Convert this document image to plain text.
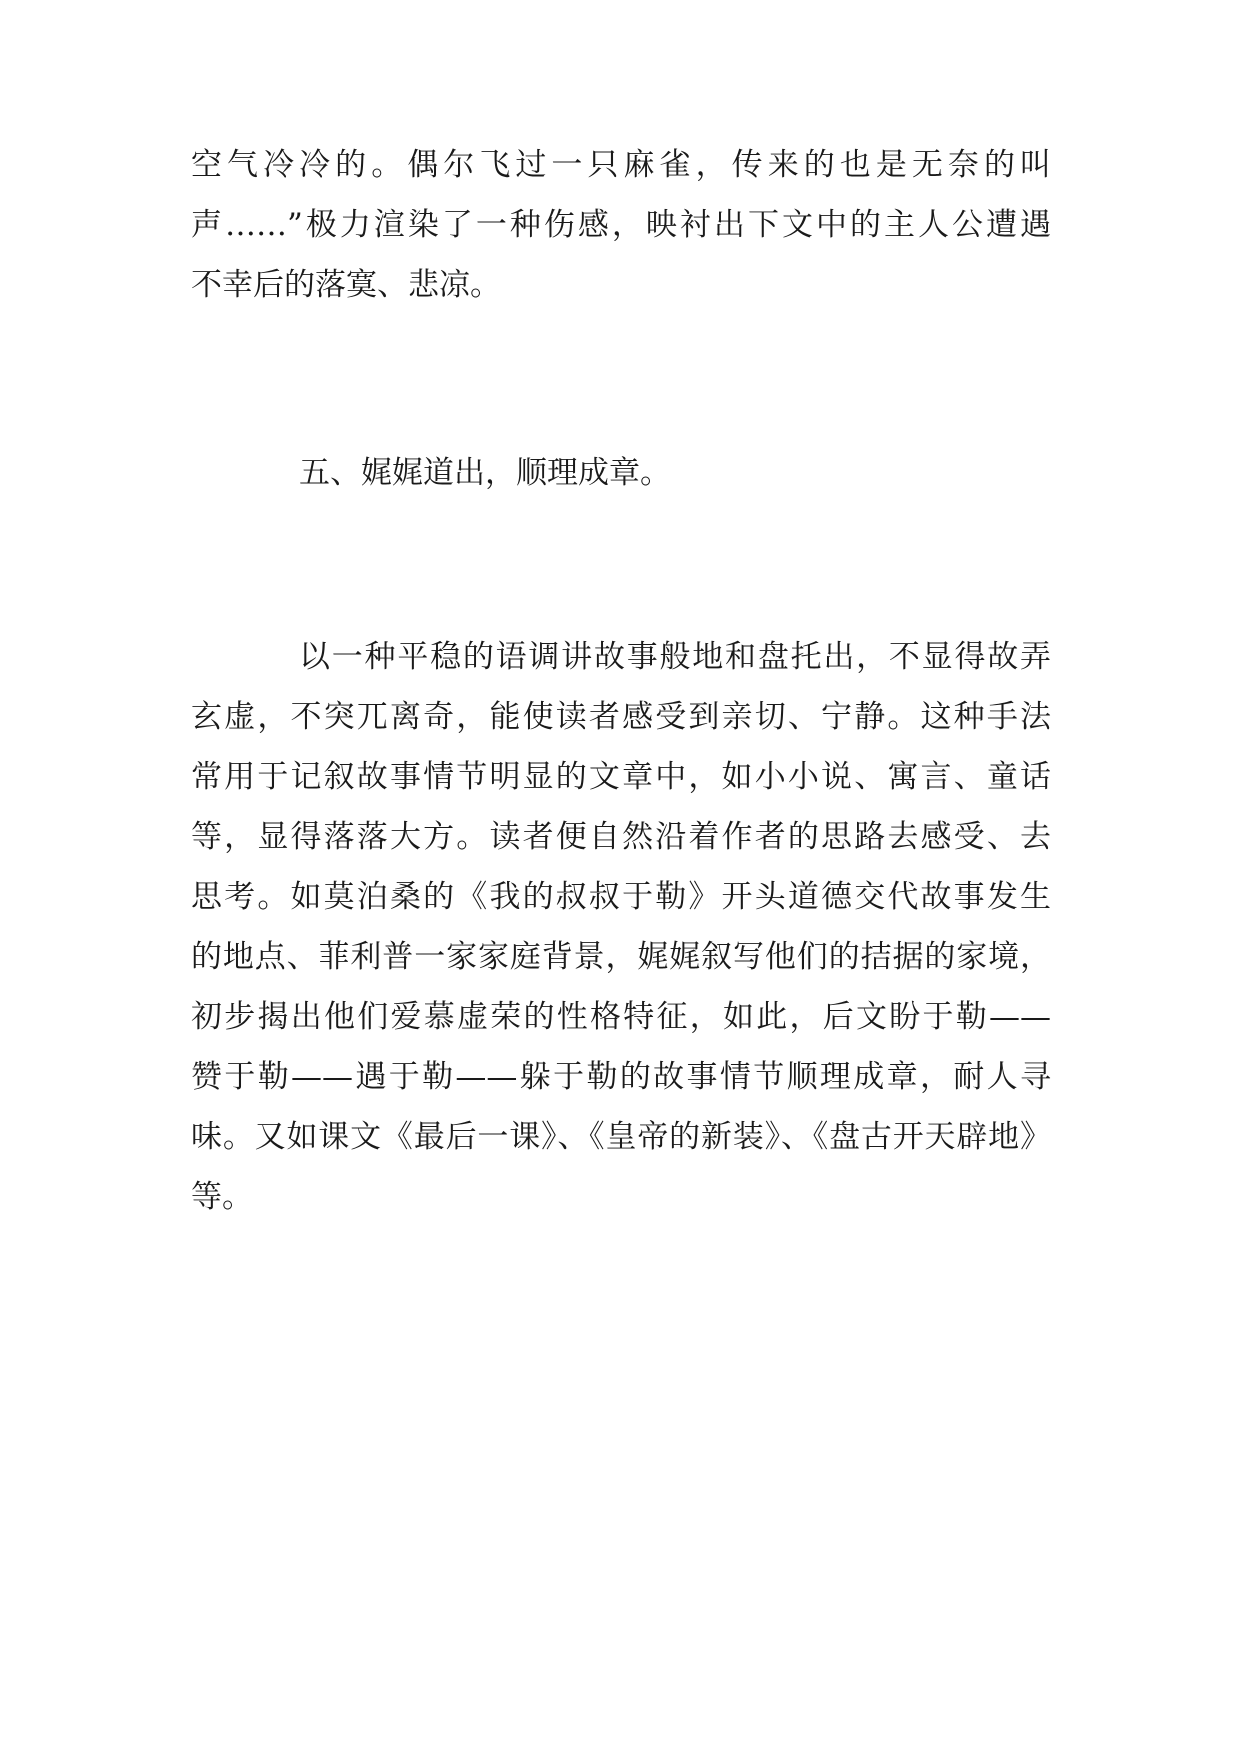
空气冷冷的。偶尔飞过一只麻雀，传来的也是无奈的叫
声……”极力渲染了一种伤感，映衬出下文中的主人公遭遇
不幸后的落寞、悲凉。
五、娓娓道出，顺理成章。
以一种平稳的语调讲故事般地和盘托出，不显得故弄
玄虚，不突兀离奇，能使读者感受到亲切、宁静。这种手法
常用于记叙故事情节明显的文章中，如小小说、寓言、童话
等，显得落落大方。读者便自然沿着作者的思路去感受、去
思考。如莫泊桑的《我的叔叔于勒》开头道德交代故事发生
的地点、菲利普一家家庭背景，娓娓叙写他们的拮据的家境，
初步揭出他们爱慕虚荣的性格特征，如此，后文盼于勒——
赞于勒——遇于勒——躲于勒的故事情节顺理成章，耐人寻
味。又如课文《最后一课》、《皇帝的新装》、《盘古开天辟地》
等。
